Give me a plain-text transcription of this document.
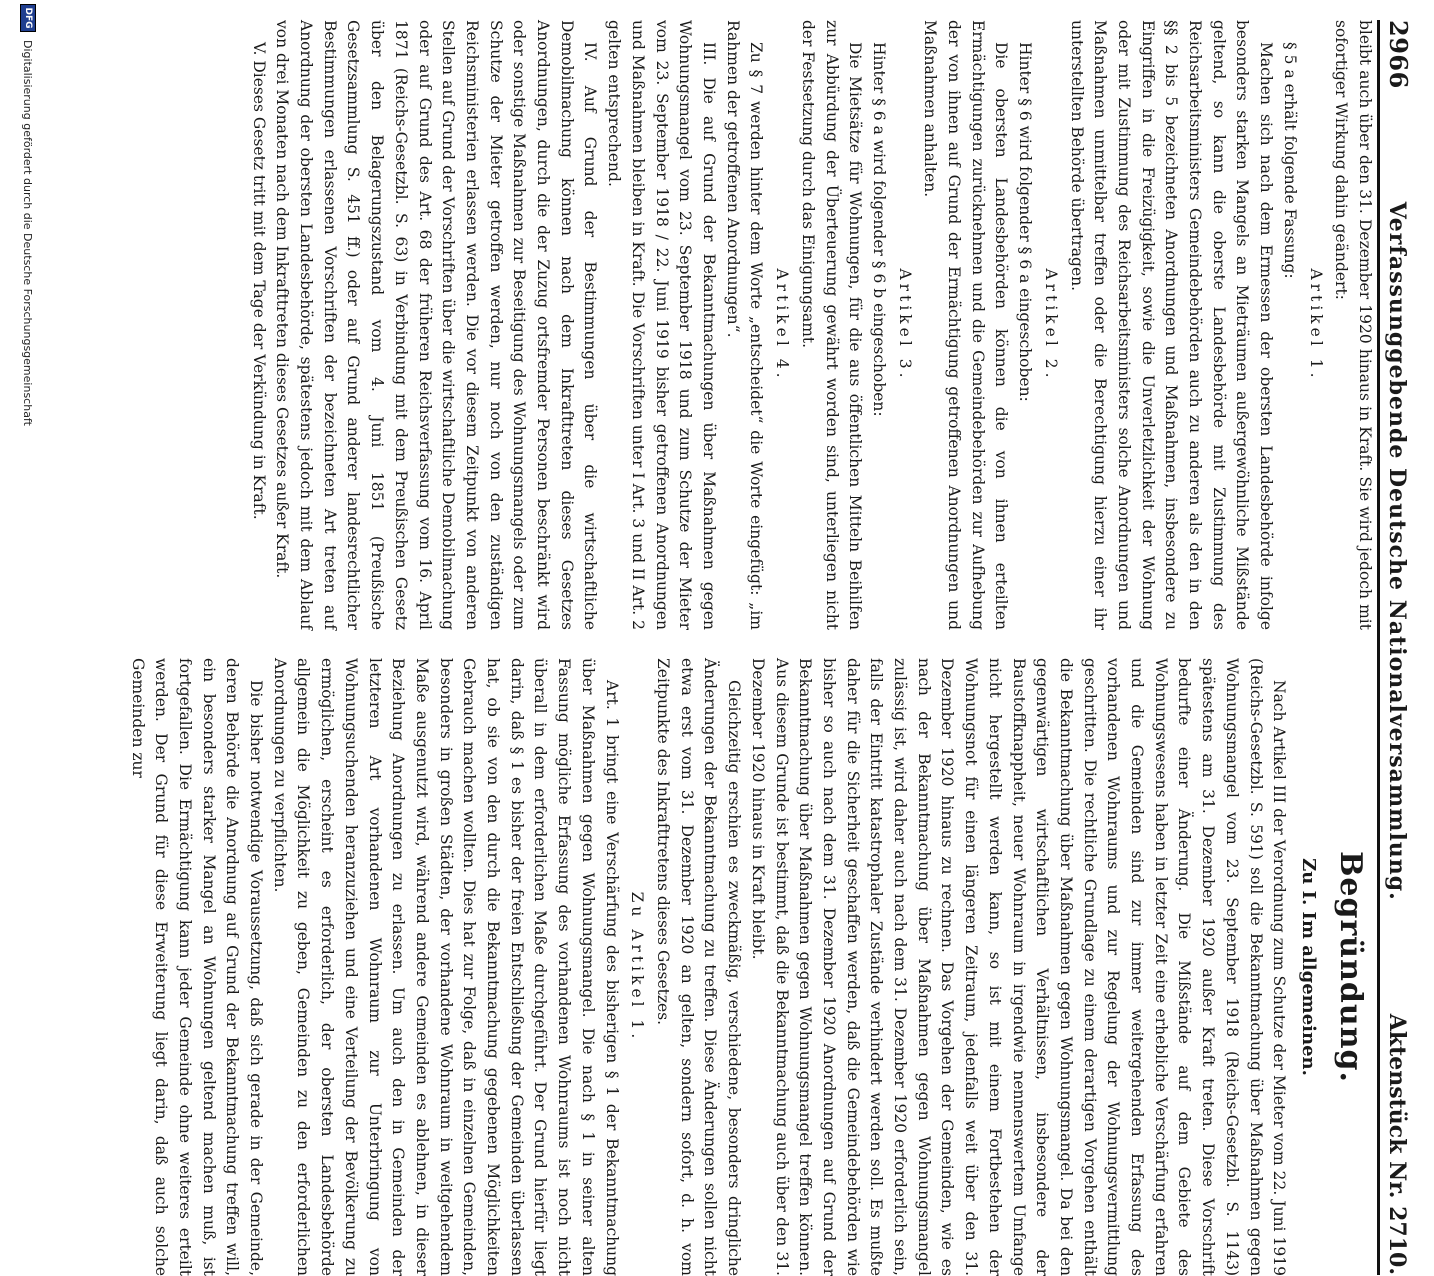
2966
Verfassunggebende Deutsche Nationalversammlung.
Aktenstück Nr. 2710.

bleibt auch über den 31. Dezember 1920 hinaus in Kraft. Sie wird jedoch mit sofortiger Wirkung dahin geändert:

Artikel 1.

§ 5 a erhält folgende Fassung:

Machen sich nach dem Ermessen der obersten Landesbehörde infolge besonders starken Mangels an Mieträumen außergewöhnliche Mißstände geltend, so kann die oberste Landesbehörde mit Zustimmung des Reichsarbeitsministers Gemeindebehörden auch zu anderen als den in den §§ 2 bis 5 bezeichneten Anordnungen und Maßnahmen, insbesondere zu Eingriffen in die Freizügigkeit, sowie die Unverletzlichkeit der Wohnung oder mit Zustimmung des Reichsarbeitsministers solche Anordnungen und Maßnahmen unmittelbar treffen oder die Berechtigung hierzu einer ihr unterstellten Behörde übertragen.

Artikel 2.

Hinter § 6 wird folgender § 6 a eingeschoben:

Die obersten Landesbehörden können die von ihnen erteilten Ermächtigungen zurücknehmen und die Gemeindebehörden zur Aufhebung der von ihnen auf Grund der Ermächtigung getroffenen Anordnungen und Maßnahmen anhalten.

Artikel 3.

Hinter § 6 a wird folgender § 6 b eingeschoben:

Die Mietsätze für Wohnungen, für die aus öffentlichen Mitteln Beihilfen zur Abbürdung der Überteuerung gewährt worden sind, unterliegen nicht der Festsetzung durch das Einigungsamt.

Artikel 4.

Zu § 7 werden hinter dem Worte „entscheidet“ die Worte eingefügt: „im Rahmen der getroffenen Anordnungen“.

III. Die auf Grund der Bekanntmachungen über Maßnahmen gegen Wohnungsmangel vom 23. September 1918 und zum Schutze der Mieter vom 23. September 1918 / 22. Juni 1919 bisher getroffenen Anordnungen und Maßnahmen bleiben in Kraft. Die Vorschriften unter I Art. 3 und II Art. 2 gelten entsprechend.

IV. Auf Grund der Bestimmungen über die wirtschaftliche Demobilmachung können nach dem Inkrafttreten dieses Gesetzes Anordnungen, durch die der Zuzug ortsfremder Personen beschränkt wird oder sonstige Maßnahmen zur Beseitigung des Wohnungsmangels oder zum Schutze der Mieter getroffen werden, nur noch von den zuständigen Reichsministerien erlassen werden. Die vor diesem Zeitpunkt von anderen Stellen auf Grund der Vorschriften über die wirtschaftliche Demobilmachung oder auf Grund des Art. 68 der früheren Reichsverfassung vom 16. April 1871 (Reichs-Gesetzbl. S. 63) in Verbindung mit dem Preußischen Gesetz über den Belagerungszustand vom 4. Juni 1851 (Preußische Gesetzsammlung S. 451 ff.) oder auf Grund anderer landesrechtlicher Bestimmungen erlassenen Vorschriften der bezeichneten Art treten auf Anordnung der obersten Landesbehörde, spätestens jedoch mit dem Ablauf von drei Monaten nach dem Inkrafttreten dieses Gesetzes außer Kraft.

V. Dieses Gesetz tritt mit dem Tage der Verkündung in Kraft.

Begründung.

Zu I. Im allgemeinen.

Nach Artikel III der Verordnung zum Schutze der Mieter vom 22. Juni 1919 (Reichs-Gesetzbl. S. 591) soll die Bekanntmachung über Maßnahmen gegen Wohnungsmangel vom 23. September 1918 (Reichs-Gesetzbl. S. 1143) spätestens am 31. Dezember 1920 außer Kraft treten. Diese Vorschrift bedurfte einer Änderung. Die Mißstände auf dem Gebiete des Wohnungswesens haben in letzter Zeit eine erhebliche Verschärfung erfahren und die Gemeinden sind zur immer weitergehenden Erfassung des vorhandenen Wohnraums und zur Regelung der Wohnungsvermittlung geschritten. Die rechtliche Grundlage zu einem derartigen Vorgehen enthält die Bekanntmachung über Maßnahmen gegen Wohnungsmangel. Da bei den gegenwärtigen wirtschaftlichen Verhältnissen, insbesondere der Baustoffknappheit, neuer Wohnraum in irgendwie nennenswertem Umfange nicht hergestellt werden kann, so ist mit einem Fortbestehen der Wohnungsnot für einen längeren Zeitraum, jedenfalls weit über den 31. Dezember 1920 hinaus zu rechnen. Das Vorgehen der Gemeinden, wie es nach der Bekanntmachung über Maßnahmen gegen Wohnungsmangel zulässig ist, wird daher auch nach dem 31. Dezember 1920 erforderlich sein, falls der Eintritt katastrophaler Zustände verhindert werden soll. Es mußte daher für die Sicherheit geschaffen werden, daß die Gemeindebehörden wie bisher so auch nach dem 31. Dezember 1920 Anordnungen auf Grund der Bekanntmachung über Maßnahmen gegen Wohnungsmangel treffen können. Aus diesem Grunde ist bestimmt, daß die Bekanntmachung auch über den 31. Dezember 1920 hinaus in Kraft bleibt.

Gleichzeitig erschien es zweckmäßig, verschiedene, besonders dringliche Änderungen der Bekanntmachung zu treffen. Diese Änderungen sollen nicht etwa erst vom 31. Dezember 1920 an gelten, sondern sofort, d. h. vom Zeitpunkte des Inkrafttretens dieses Gesetzes.

Zu Artikel 1.

Art. 1 bringt eine Verschärfung des bisherigen § 1 der Bekanntmachung über Maßnahmen gegen Wohnungsmangel. Die nach § 1 in seiner alten Fassung mögliche Erfassung des vorhandenen Wohnraums ist noch nicht überall in dem erforderlichen Maße durchgeführt. Der Grund hierfür liegt darin, daß § 1 es bisher der freien Entschließung der Gemeinden überlassen hat, ob sie von den durch die Bekanntmachung gegebenen Möglichkeiten Gebrauch machen wollten. Dies hat zur Folge, daß in einzelnen Gemeinden, besonders in großen Städten, der vorhandene Wohnraum in weitgehendem Maße ausgenutzt wird, während andere Gemeinden es ablehnen, in dieser Beziehung Anordnungen zu erlassen. Um auch den in Gemeinden der letzteren Art vorhandenen Wohnraum zur Unterbringung von Wohnungsuchenden heranzuziehen und eine Verteilung der Bevölkerung zu ermöglichen, erscheint es erforderlich, der obersten Landesbehörde allgemein die Möglichkeit zu geben, Gemeinden zu den erforderlichen Anordnungen zu verpflichten.

Die bisher notwendige Voraussetzung, daß sich gerade in der Gemeinde, deren Behörde die Anordnung auf Grund der Bekanntmachung treffen will, ein besonders starker Mangel an Wohnungen geltend machen muß, ist fortgefallen. Die Ermächtigung kann jeder Gemeinde ohne weiteres erteilt werden. Der Grund für diese Erweiterung liegt darin, daß auch solche Gemeinden zur

DFG
Digitalisierung gefördert durch die Deutsche Forschungsgemeinschaft
